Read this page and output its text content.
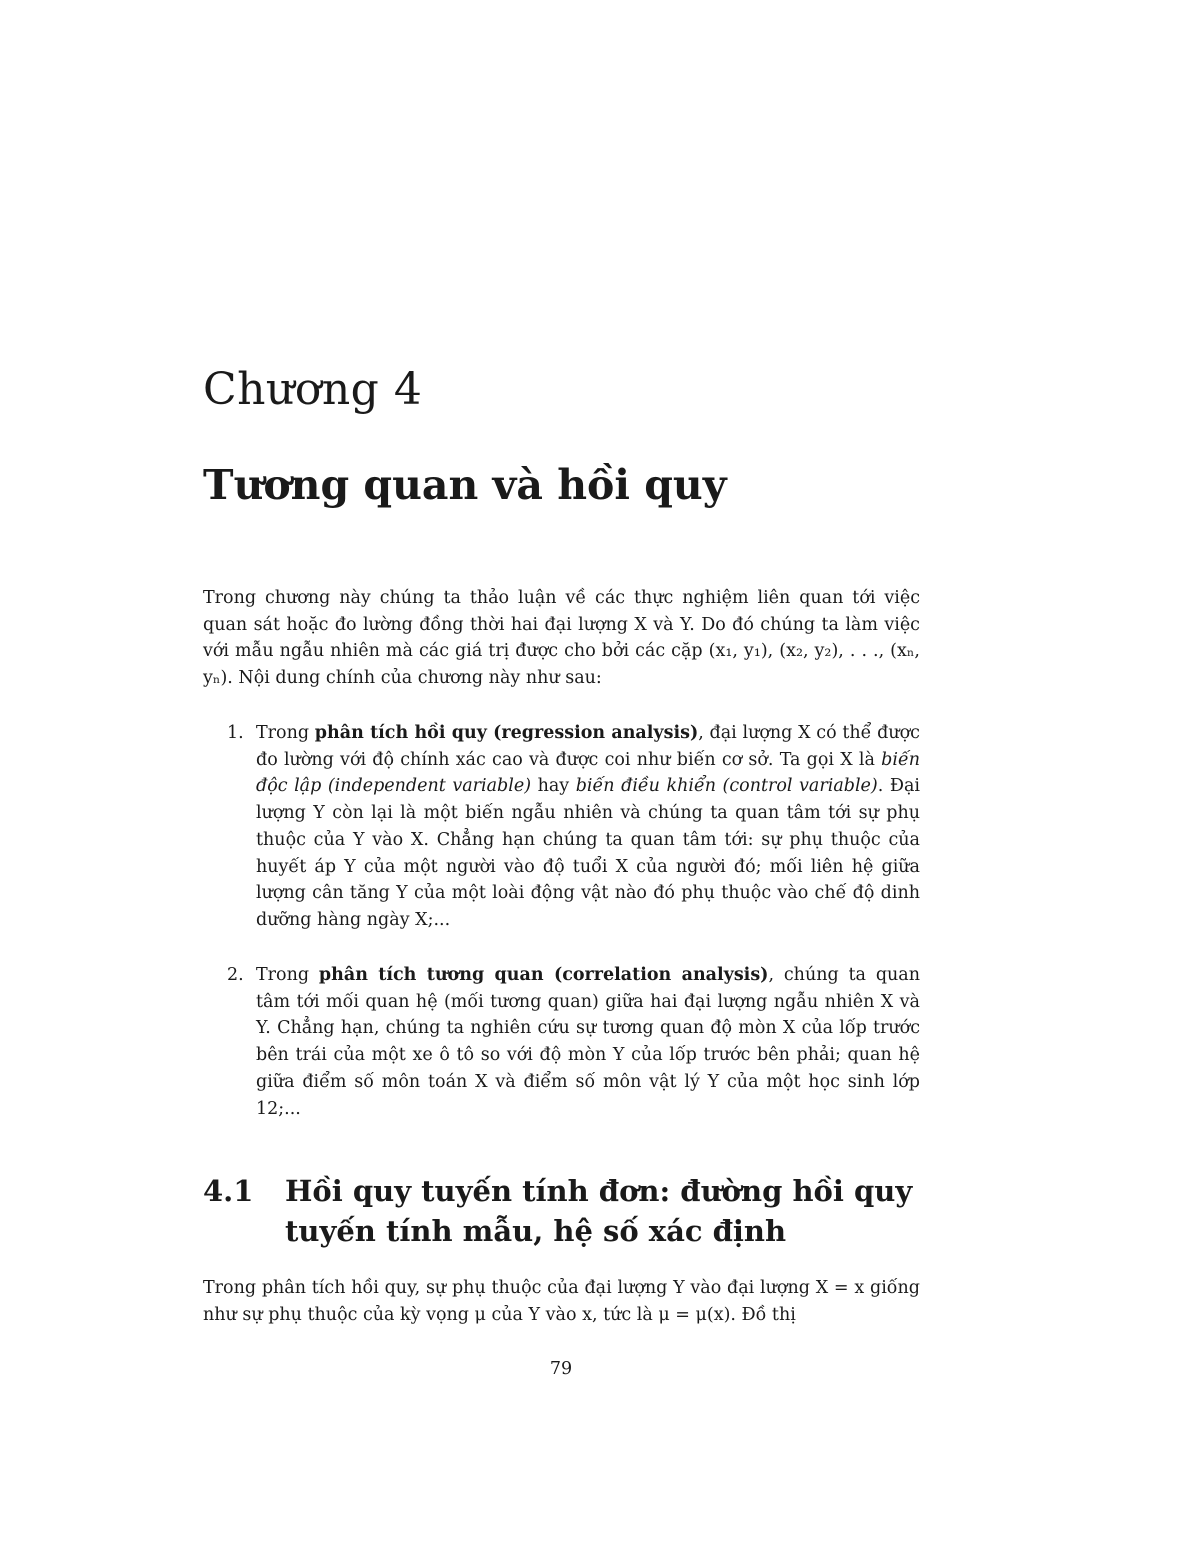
Chương 4
Tương quan và hồi quy
Trong chương này chúng ta thảo luận về các thực nghiệm liên quan tới việc quan sát hoặc đo lường đồng thời hai đại lượng X và Y. Do đó chúng ta làm việc với mẫu ngẫu nhiên mà các giá trị được cho bởi các cặp (x₁, y₁), (x₂, y₂), . . ., (xₙ, yₙ). Nội dung chính của chương này như sau:
1. Trong phân tích hồi quy (regression analysis), đại lượng X có thể được đo lường với độ chính xác cao và được coi như biến cơ sở. Ta gọi X là biến độc lập (independent variable) hay biến điều khiển (control variable). Đại lượng Y còn lại là một biến ngẫu nhiên và chúng ta quan tâm tới sự phụ thuộc của Y vào X. Chẳng hạn chúng ta quan tâm tới: sự phụ thuộc của huyết áp Y của một người vào độ tuổi X của người đó; mối liên hệ giữa lượng cân tăng Y của một loài động vật nào đó phụ thuộc vào chế độ dinh dưỡng hàng ngày X;...
2. Trong phân tích tương quan (correlation analysis), chúng ta quan tâm tới mối quan hệ (mối tương quan) giữa hai đại lượng ngẫu nhiên X và Y. Chẳng hạn, chúng ta nghiên cứu sự tương quan độ mòn X của lốp trước bên trái của một xe ô tô so với độ mòn Y của lốp trước bên phải; quan hệ giữa điểm số môn toán X và điểm số môn vật lý Y của một học sinh lớp 12;...
4.1	Hồi quy tuyến tính đơn: đường hồi quy tuyến tính mẫu, hệ số xác định
Trong phân tích hồi quy, sự phụ thuộc của đại lượng Y vào đại lượng X = x giống như sự phụ thuộc của kỳ vọng μ của Y vào x, tức là μ = μ(x). Đồ thị
79
